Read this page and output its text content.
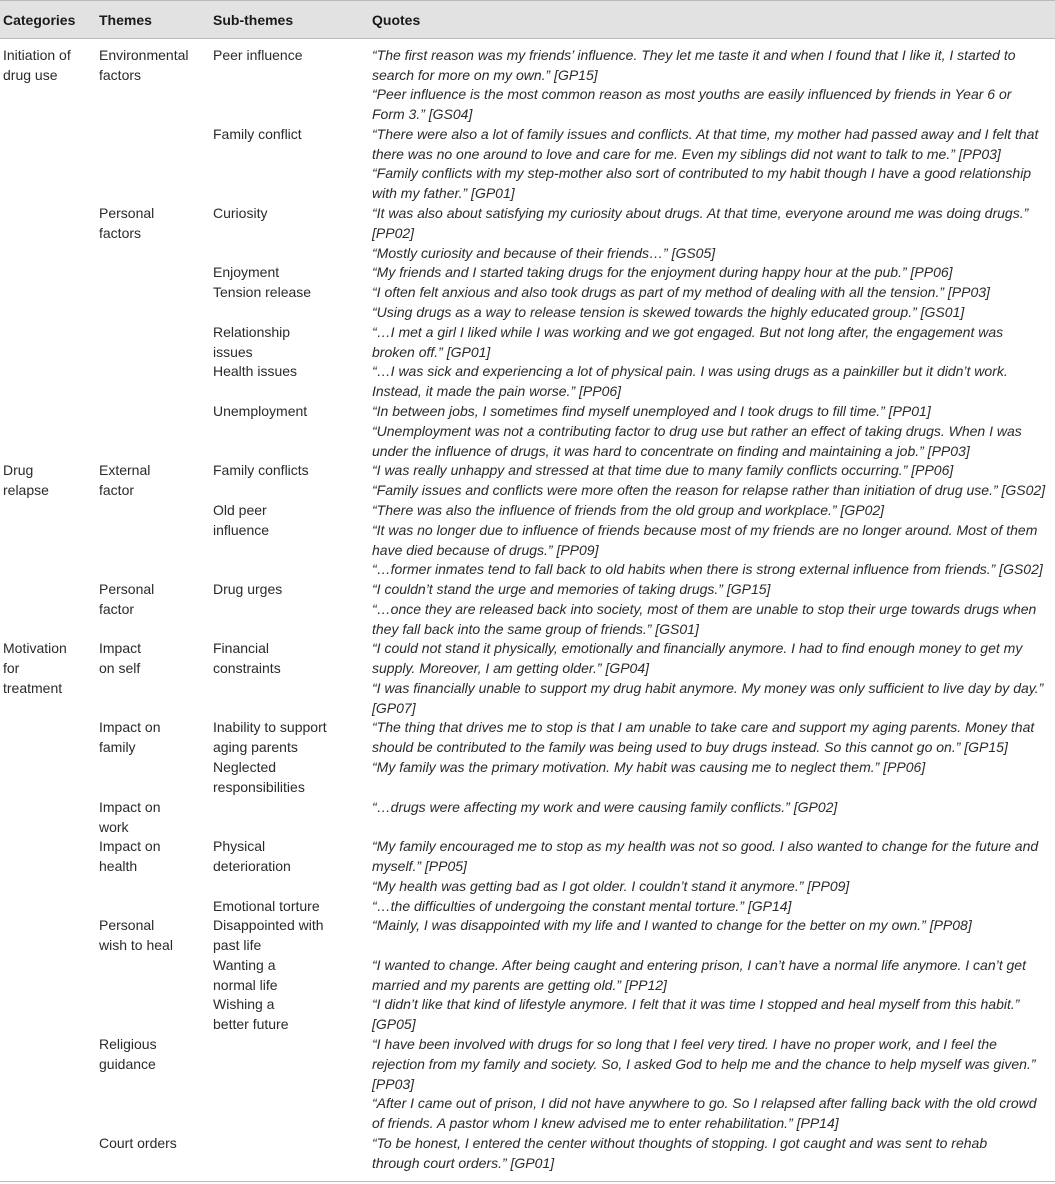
Categories Themes	Sub-themes	Quotes
Initiation of
drug use
Drug
relapse
Motivation
for
treatment
Environmental
factors
Personal
factors
External
factor
Personal
factor
Impact
on self
Impact on
family
Impact on
work
Impact on
health
Personal
wish to heal
Religious
guidance
Court orders
Peer influence
Family conflict
Curiosity
Enjoyment
Tension release
Relationship
issues
Health issues
Unemployment
Family conflicts
Old peer
influence
Drug urges
Financial
constraints
Inability to support
aging parents
Neglected
responsibilities
Physical
deterioration
Emotional torture
Disappointed with
past life
Wanting a
normal life
Wishing a
better future
“The first reason was my friends’ influence. They let me taste it and when I found that I like it, I started to
search for more on my own.” [GP15]
“Peer influence is the most common reason as most youths are easily influenced by friends in Year 6 or
Form 3.” [GS04]
“There were also a lot of family issues and conflicts. At that time, my mother had passed away and I felt that
there was no one around to love and care for me. Even my siblings did not want to talk to me.” [PP03]
“Family conflicts with my step-mother also sort of contributed to my habit though I have a good relationship
with my father.” [GP01]
“It was also about satisfying my curiosity about drugs. At that time, everyone around me was doing drugs.”
[PP02]
“Mostly curiosity and because of their friends…” [GS05]
“My friends and I started taking drugs for the enjoyment during happy hour at the pub.” [PP06]
“I often felt anxious and also took drugs as part of my method of dealing with all the tension.” [PP03]
“Using drugs as a way to release tension is skewed towards the highly educated group.” [GS01]
“…I met a girl I liked while I was working and we got engaged. But not long after, the engagement was
broken off.” [GP01]
“…I was sick and experiencing a lot of physical pain. I was using drugs as a painkiller but it didn’t work.
Instead, it made the pain worse.” [PP06]
“In between jobs, I sometimes find myself unemployed and I took drugs to fill time.” [PP01]
“Unemployment was not a contributing factor to drug use but rather an effect of taking drugs. When I was
under the influence of drugs, it was hard to concentrate on finding and maintaining a job.” [PP03]
“I was really unhappy and stressed at that time due to many family conflicts occurring.” [PP06]
“Family issues and conflicts were more often the reason for relapse rather than initiation of drug use.” [GS02]
“There was also the influence of friends from the old group and workplace.” [GP02]
“It was no longer due to influence of friends because most of my friends are no longer around. Most of them
have died because of drugs.” [PP09]
“…former inmates tend to fall back to old habits when there is strong external influence from friends.” [GS02]
“I couldn’t stand the urge and memories of taking drugs.” [GP15]
“…once they are released back into society, most of them are unable to stop their urge towards drugs when
they fall back into the same group of friends.” [GS01]
“I could not stand it physically, emotionally and financially anymore. I had to find enough money to get my
supply. Moreover, I am getting older.” [GP04]
“I was financially unable to support my drug habit anymore. My money was only sufficient to live day by day.”
[GP07]
“The thing that drives me to stop is that I am unable to take care and support my aging parents. Money that
should be contributed to the family was being used to buy drugs instead. So this cannot go on.” [GP15]
“My family was the primary motivation. My habit was causing me to neglect them.” [PP06]
“…drugs were affecting my work and were causing family conflicts.” [GP02]
“My family encouraged me to stop as my health was not so good. I also wanted to change for the future and
myself.” [PP05]
“My health was getting bad as I got older. I couldn’t stand it anymore.” [PP09]
“…the difficulties of undergoing the constant mental torture.” [GP14]
“Mainly, I was disappointed with my life and I wanted to change for the better on my own.” [PP08]
“I wanted to change. After being caught and entering prison, I can’t have a normal life anymore. I can’t get
married and my parents are getting old.” [PP12]
“I didn’t like that kind of lifestyle anymore. I felt that it was time I stopped and heal myself from this habit.”
[GP05]
“I have been involved with drugs for so long that I feel very tired. I have no proper work, and I feel the
rejection from my family and society. So, I asked God to help me and the chance to help myself was given.”
[PP03]
“After I came out of prison, I did not have anywhere to go. So I relapsed after falling back with the old crowd
of friends. A pastor whom I knew advised me to enter rehabilitation.” [PP14]
“To be honest, I entered the center without thoughts of stopping. I got caught and was sent to rehab
through court orders.” [GP01]
